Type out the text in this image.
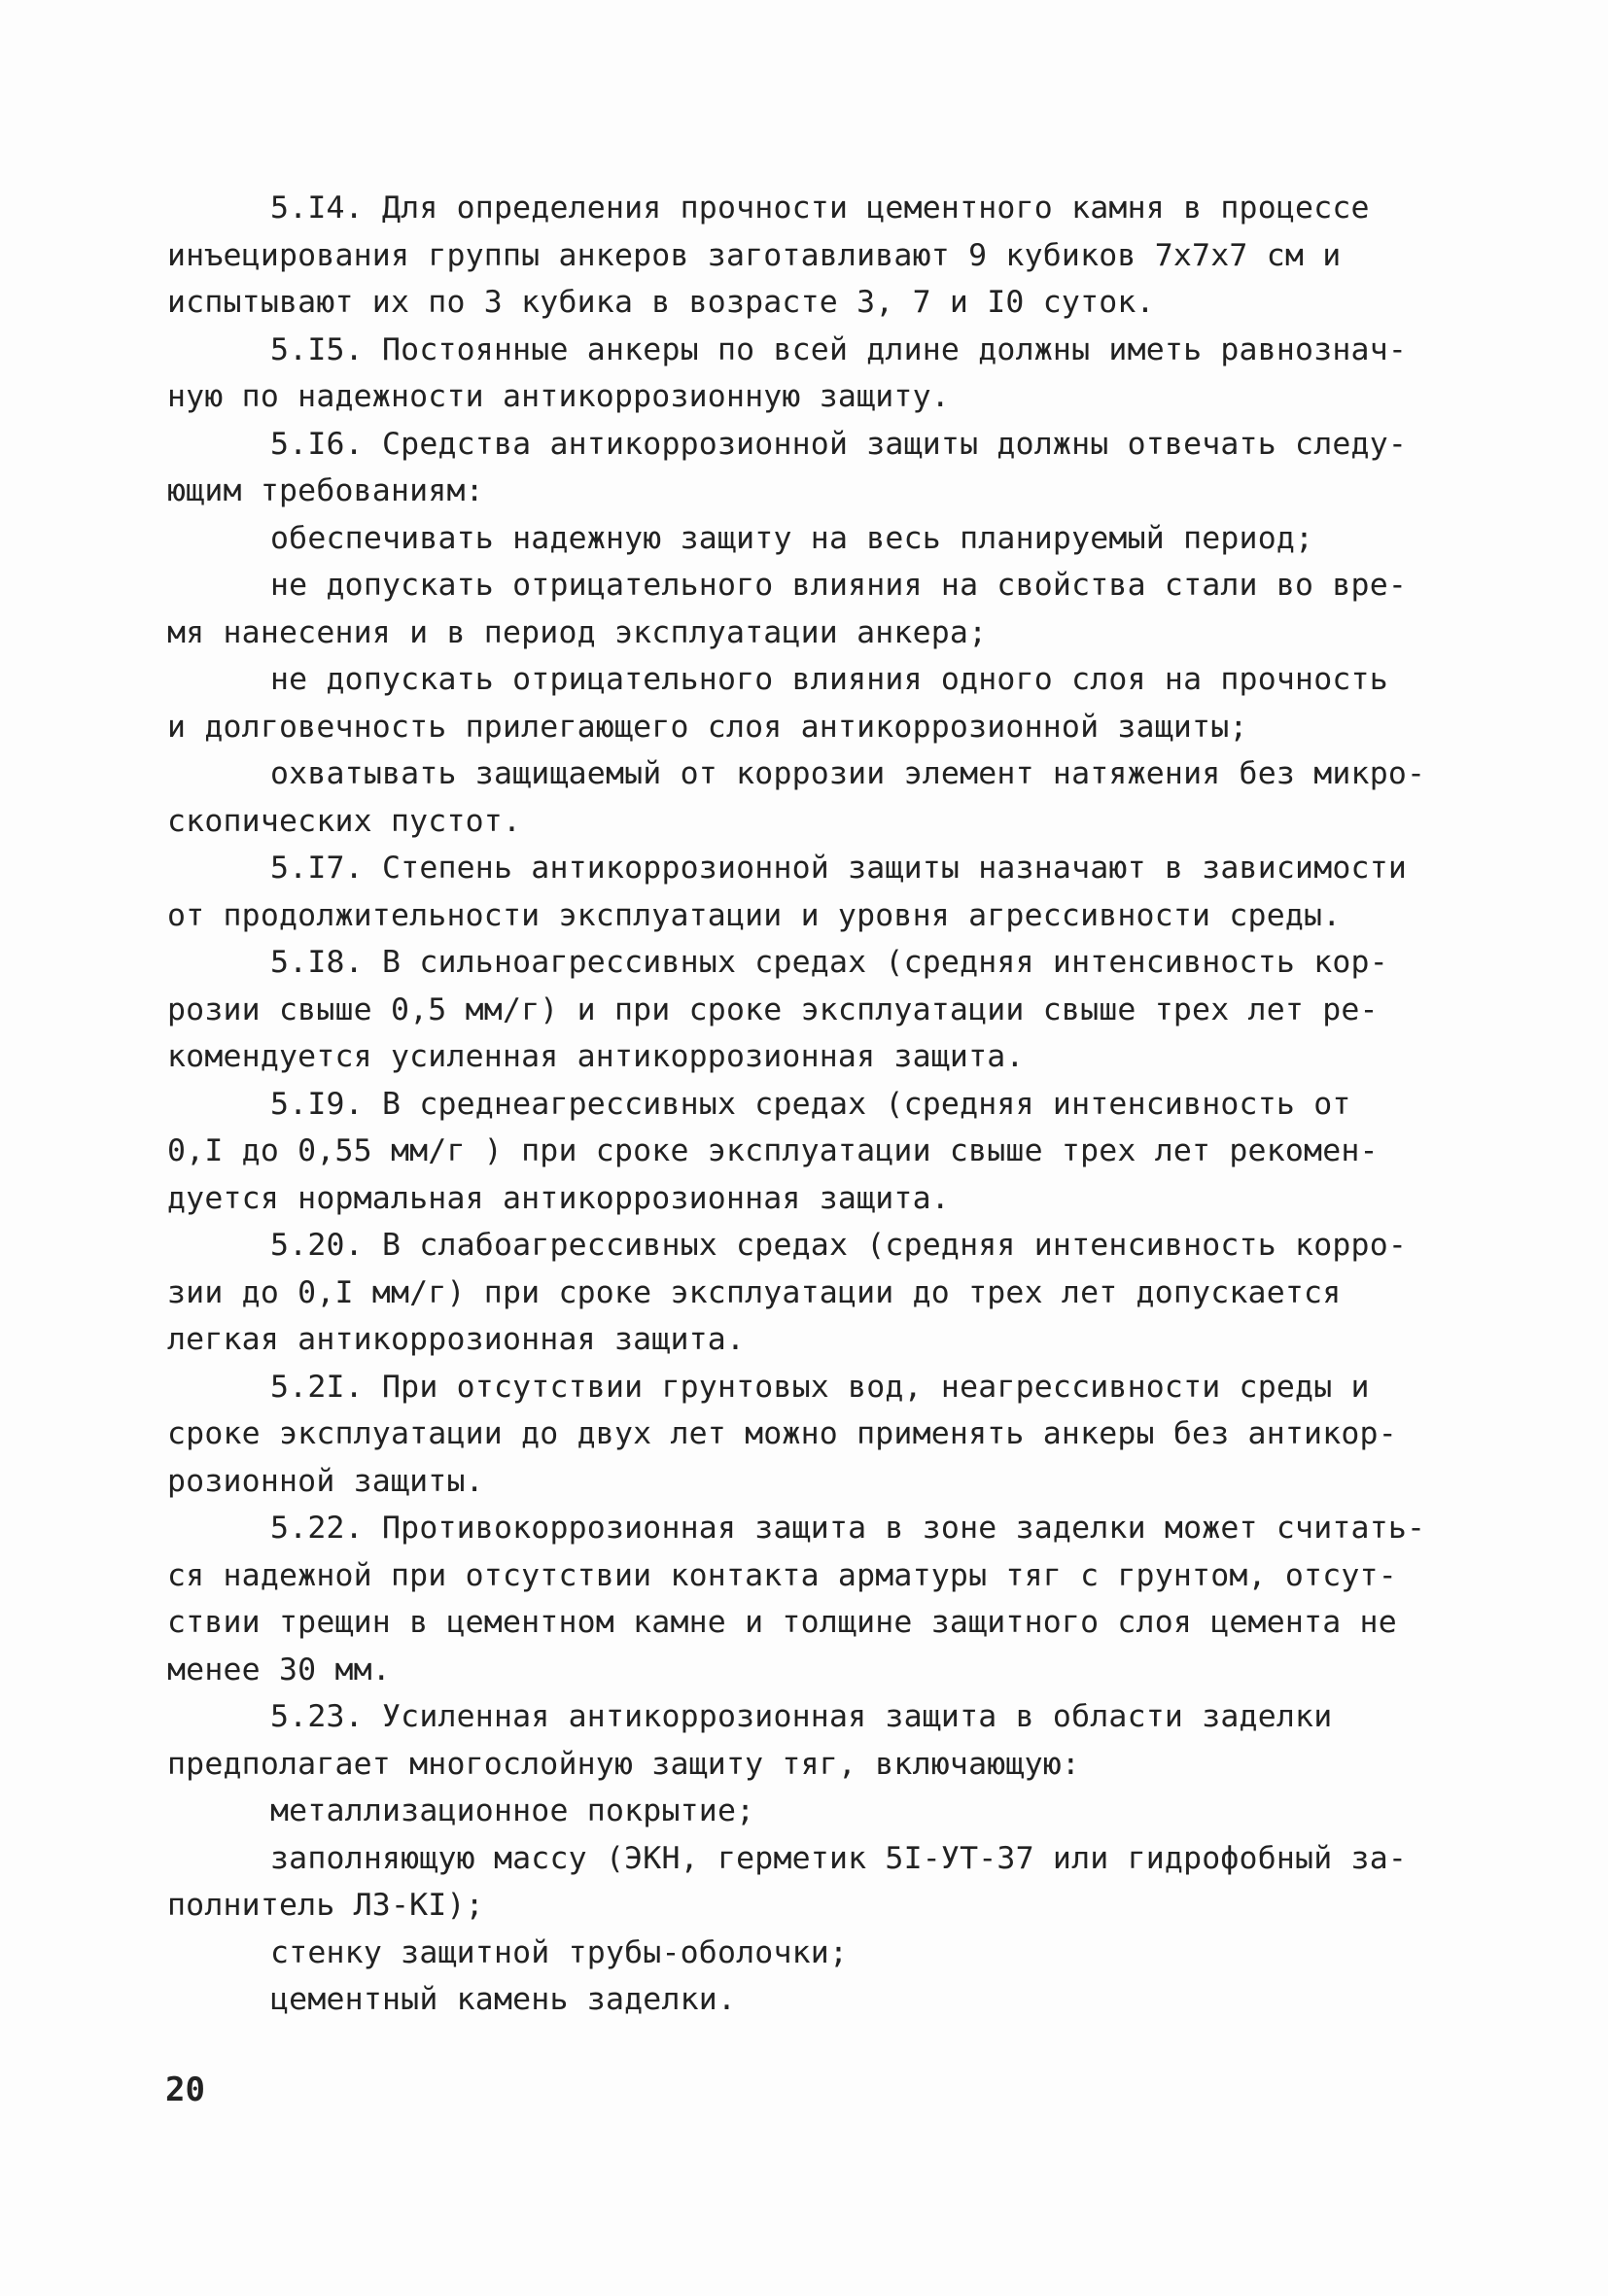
5.I4. Для определения прочности цементного камня в процессе
инъецирования группы анкеров заготавливают 9 кубиков 7х7х7 см и
испытывают их по 3 кубика в возрасте 3, 7 и I0 суток.
5.I5. Постоянные анкеры по всей длине должны иметь равнознач-
ную по надежности антикоррозионную защиту.
5.I6. Средства антикоррозионной защиты должны отвечать следу-
ющим требованиям:
обеспечивать надежную защиту на весь планируемый период;
не допускать отрицательного влияния на свойства стали во вре-
мя нанесения и в период эксплуатации анкера;
не допускать отрицательного влияния одного слоя на прочность
и долговечность прилегающего слоя антикоррозионной защиты;
охватывать защищаемый от коррозии элемент натяжения без микро-
скопических пустот.
5.I7. Степень антикоррозионной защиты назначают в зависимости
от продолжительности эксплуатации и уровня агрессивности среды.
5.I8. В сильноагрессивных средах (средняя интенсивность кор-
розии свыше 0,5 мм/г) и при сроке эксплуатации свыше трех лет ре-
комендуется усиленная антикоррозионная защита.
5.I9. В среднеагрессивных средах (средняя интенсивность от
0,I до 0,55 мм/г ) при сроке эксплуатации свыше трех лет рекомен-
дуется нормальная антикоррозионная защита.
5.20. В слабоагрессивных средах (средняя интенсивность корро-
зии до 0,I мм/г) при сроке эксплуатации до трех лет допускается
легкая антикоррозионная защита.
5.2I. При отсутствии грунтовых вод, неагрессивности среды и
сроке эксплуатации до двух лет можно применять анкеры без антикор-
розионной защиты.
5.22. Противокоррозионная защита в зоне заделки может считать-
ся надежной при отсутствии контакта арматуры тяг с грунтом, отсут-
ствии трещин в цементном камне и толщине защитного слоя цемента не
менее 30 мм.
5.23. Усиленная антикоррозионная защита в области заделки
предполагает многослойную защиту тяг, включающую:
металлизационное покрытие;
заполняющую массу (ЭКН, герметик 5I-УТ-37 или гидрофобный за-
полнитель ЛЗ-КI);
стенку защитной трубы-оболочки;
цементный камень заделки.
20
